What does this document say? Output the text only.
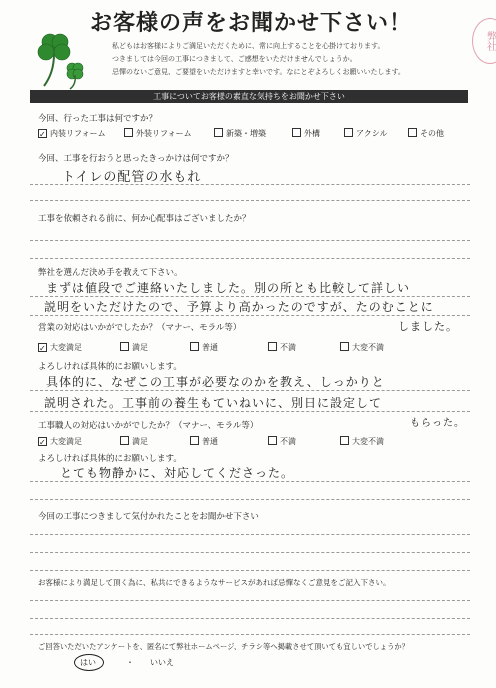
お客様の声をお聞かせ下さい！
私どもはお客様によりご満足いただくために、常に向上することを心掛けております。
つきましては今回の工事につきまして、ご感想をいただけませんでしょうか。
忌憚のないご意見、ご要望をいただけますと幸いです。なにとぞよろしくお願いいたします。
弊社
工事についてお客様の素直な気持ちをお聞かせ下さい
今回、行った工事は何ですか？
✓ 内装リフォーム	外装リフォーム	新築・増築	外構	アクシル	その他
今回、工事を行おうと思ったきっかけは何ですか？
トイレの配管の水もれ
工事を依頼される前に、何か心配事はございましたか？
弊社を選んだ決め手を教えて下さい。
まずは値段でご連絡いたしました。別の所とも比較して詳しい
説明をいただけたので、予算より高かったのですが、たのむことに
しました。
営業の対応はいかがでしたか？（マナー、モラル等）
✓ 大変満足	満足	普通	不満	大変不満
よろしければ具体的にお願いします。
具体的に、なぜこの工事が必要なのかを教え、しっかりと
説明された。工事前の養生もていねいに、別日に設定して
もらった。
工事職人の対応はいかがでしたか？（マナー、モラル等）
✓ 大変満足	満足	普通	不満	大変不満
よろしければ具体的にお願いします。
とても物静かに、対応してくださった。
今回の工事につきまして気付かれたことをお聞かせ下さい
お客様により満足して頂く為に、私共にできるようなサービスがあれば忌憚なくご意見をご記入下さい。
ご回答いただいたアンケートを、匿名にて弊社ホームページ、チラシ等へ掲載させて頂いても宜しいでしょうか？
はい	・ いいえ
